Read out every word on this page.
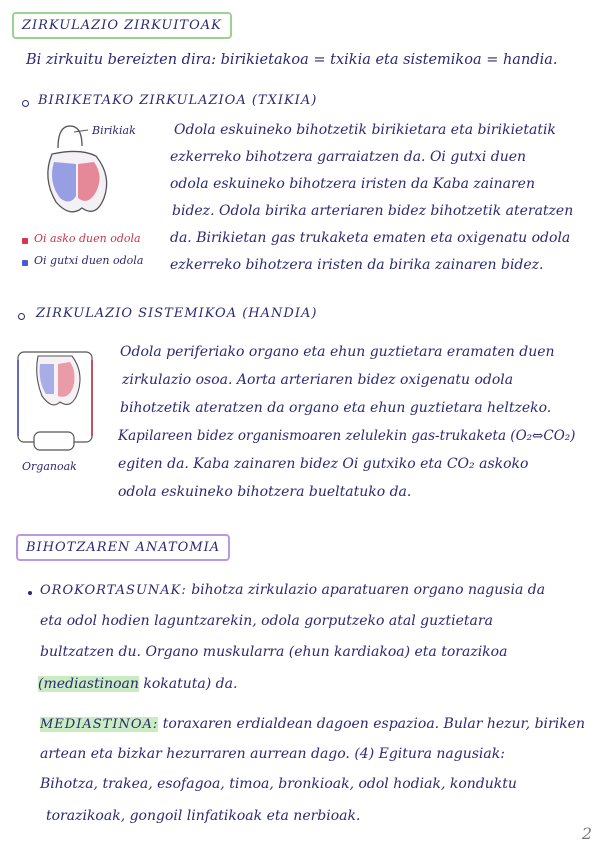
ZIRKULAZIO ZIRKUITOAK
Bi zirkuitu bereizten dira: birikietakoa = txikia eta sistemikoa = handia.
BIRIKETAKO ZIRKULAZIOA (TXIKIA)
Birikiak
Oi asko duen odola
Oi gutxi duen odola
Odola eskuineko bihotzetik birikietara eta birikietatik
ezkerreko bihotzera garraiatzen da. Oi gutxi duen
odola eskuineko bihotzera iristen da Kaba zainaren
bidez. Odola birika arteriaren bidez bihotzetik ateratzen
da. Birikietan gas trukaketa ematen eta oxigenatu odola
ezkerreko bihotzera iristen da birika zainaren bidez.
ZIRKULAZIO SISTEMIKOA (HANDIA)
Organoak
Odola periferiako organo eta ehun guztietara eramaten duen
zirkulazio osoa. Aorta arteriaren bidez oxigenatu odola
bihotzetik ateratzen da organo eta ehun guztietara heltzeko.
Kapilareen bidez organismoaren zelulekin gas-trukaketa (O₂⇔CO₂)
egiten da. Kaba zainaren bidez Oi gutxiko eta CO₂ askoko
odola eskuineko bihotzera bueltatuko da.
BIHOTZAREN ANATOMIA
OROKORTASUNAK: bihotza zirkulazio aparatuaren organo nagusia da
eta odol hodien laguntzarekin, odola gorputzeko atal guztietara
bultzatzen du. Organo muskularra (ehun kardiakoa) eta torazikoa
(mediastinoan kokatuta) da.
MEDIASTINOA: toraxaren erdialdean dagoen espazioa. Bular hezur, biriken
artean eta bizkar hezurraren aurrean dago. (4) Egitura nagusiak:
Bihotza, trakea, esofagoa, timoa, bronkioak, odol hodiak, konduktu
torazikoak, gongoil linfatikoak eta nerbioak.
2
